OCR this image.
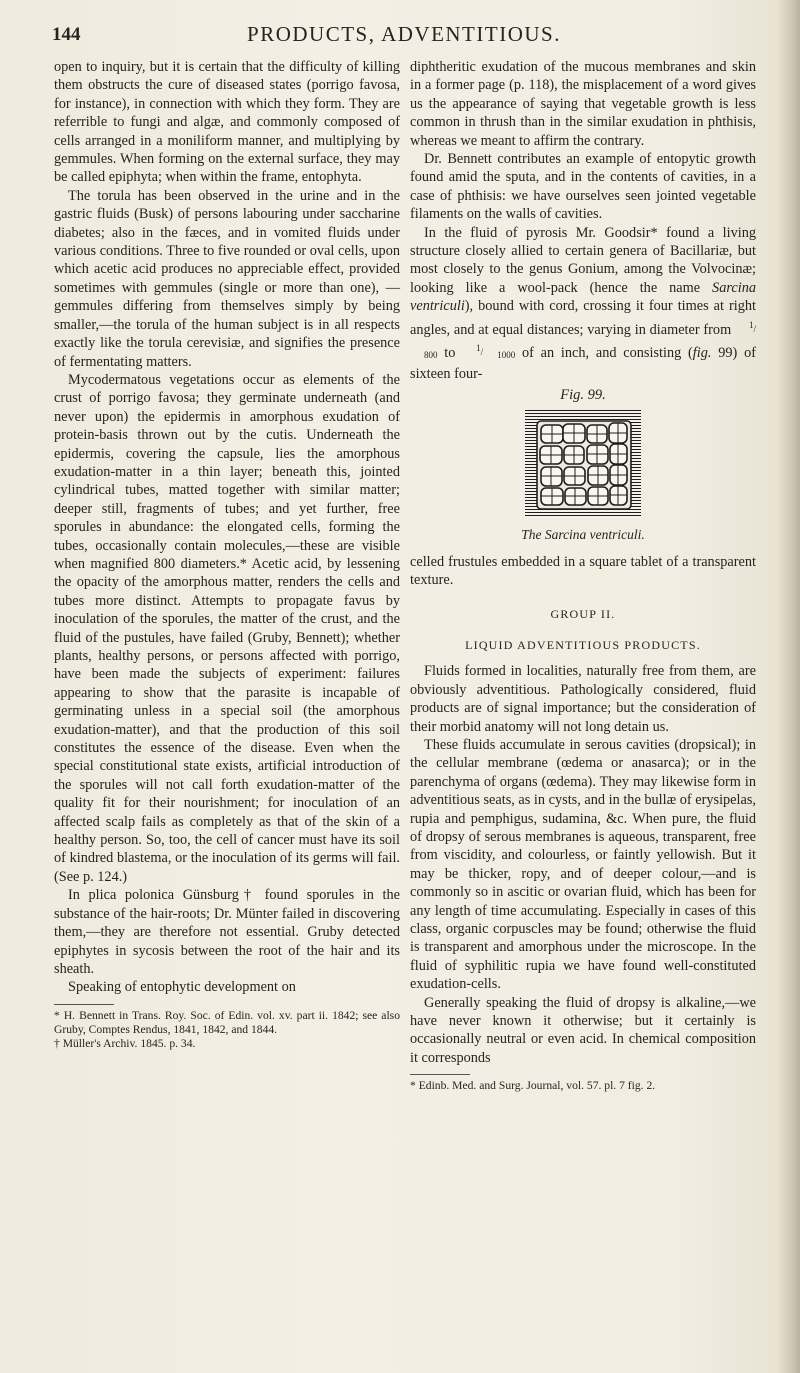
144	PRODUCTS, ADVENTITIOUS.

open to inquiry, but it is certain that the difficulty of killing them obstructs the cure of diseased states (porrigo favosa, for instance), in connection with which they form. They are referrible to fungi and algæ, and commonly composed of cells arranged in a moniliform manner, and multiplying by gemmules. When forming on the external surface, they may be called epiphyta; when within the frame, entophyta.

The torula has been observed in the urine and in the gastric fluids (Busk) of persons labouring under saccharine diabetes; also in the fæces, and in vomited fluids under various conditions. Three to five rounded or oval cells, upon which acetic acid produces no appreciable effect, provided sometimes with gemmules (single or more than one), —gemmules differing from themselves simply by being smaller,—the torula of the human subject is in all respects exactly like the torula cerevisiæ, and signifies the presence of fermentating matters.

Mycodermatous vegetations occur as elements of the crust of porrigo favosa; they germinate underneath (and never upon) the epidermis in amorphous exudation of protein-basis thrown out by the cutis. Underneath the epidermis, covering the capsule, lies the amorphous exudation-matter in a thin layer; beneath this, jointed cylindrical tubes, matted together with similar matter; deeper still, fragments of tubes; and yet further, free sporules in abundance: the elongated cells, forming the tubes, occasionally contain molecules,—these are visible when magnified 800 diameters.* Acetic acid, by lessening the opacity of the amorphous matter, renders the cells and tubes more distinct. Attempts to propagate favus by inoculation of the sporules, the matter of the crust, and the fluid of the pustules, have failed (Gruby, Bennett); whether plants, healthy persons, or persons affected with porrigo, have been made the subjects of experiment: failures appearing to show that the parasite is incapable of germinating unless in a special soil (the amorphous exudation-matter), and that the production of this soil constitutes the essence of the disease. Even when the special constitutional state exists, artificial introduction of the sporules will not call forth exudation-matter of the quality fit for their nourishment; for inoculation of an affected scalp fails as completely as that of the skin of a healthy person. So, too, the cell of cancer must have its soil of kindred blastema, or the inoculation of its germs will fail. (See p. 124.)

In plica polonica Günsburg† found sporules in the substance of the hair-roots; Dr. Münter failed in discovering them,—they are therefore not essential. Gruby detected epiphytes in sycosis between the root of the hair and its sheath.

Speaking of entophytic development on

* H. Bennett in Trans. Roy. Soc. of Edin. vol. xv. part ii. 1842; see also Gruby, Comptes Rendus, 1841, 1842, and 1844.

† Müller's Archiv. 1845. p. 34.

diphtheritic exudation of the mucous membranes and skin in a former page (p. 118), the misplacement of a word gives us the appearance of saying that vegetable growth is less common in thrush than in the similar exudation in phthisis, whereas we meant to affirm the contrary.

Dr. Bennett contributes an example of entopytic growth found amid the sputa, and in the contents of cavities, in a case of phthisis: we have ourselves seen jointed vegetable filaments on the walls of cavities.

In the fluid of pyrosis Mr. Goodsir* found a living structure closely allied to certain genera of Bacillariæ, but most closely to the genus Gonium, among the Volvocinæ; looking like a wool-pack (hence the name Sarcina ventriculi), bound with cord, crossing it four times at right angles, and at equal distances; varying in diameter from 1/800 to 1/ 1000 of an inch, and consisting (fig. 99) of sixteen four-

Fig. 99.
The Sarcina ventriculi.

celled frustules embedded in a square tablet of a transparent texture.

GROUP II.
LIQUID ADVENTITIOUS PRODUCTS.

Fluids formed in localities, naturally free from them, are obviously adventitious. Pathologically considered, fluid products are of signal importance; but the consideration of their morbid anatomy will not long detain us.

These fluids accumulate in serous cavities (dropsical); in the cellular membrane (œdema or anasarca); or in the parenchyma of organs (œdema). They may likewise form in adventitious seats, as in cysts, and in the bullæ of erysipelas, rupia and pemphigus, sudamina, &c. When pure, the fluid of dropsy of serous membranes is aqueous, transparent, free from viscidity, and colourless, or faintly yellowish. But it may be thicker, ropy, and of deeper colour,—and is commonly so in ascitic or ovarian fluid, which has been for any length of time accumulating. Especially in cases of this class, organic corpuscles may be found; otherwise the fluid is transparent and amorphous under the microscope. In the fluid of syphilitic rupia we have found well-constituted exudation-cells.

Generally speaking the fluid of dropsy is alkaline,—we have never known it otherwise; but it certainly is occasionally neutral or even acid. In chemical composition it corresponds

* Edinb. Med. and Surg. Journal, vol. 57. pl. 7 fig. 2.
